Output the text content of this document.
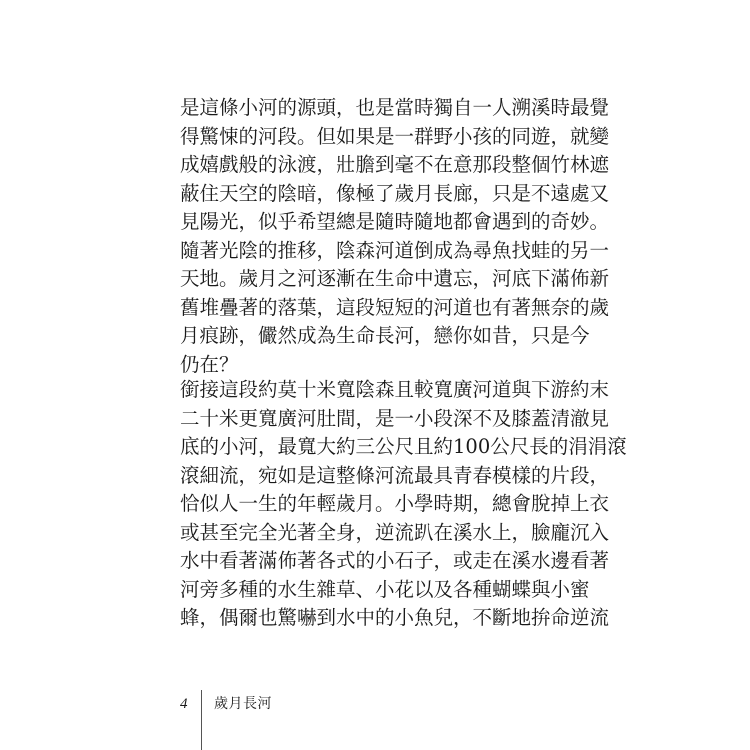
是這條小河的源頭，也是當時獨自一人溯溪時最覺
得驚悚的河段。但如果是一群野小孩的同遊，就變
成嬉戲般的泳渡，壯膽到毫不在意那段整個竹林遮
蔽住天空的陰暗，像極了歲月長廊，只是不遠處又
見陽光，似乎希望總是隨時隨地都會遇到的奇妙。
隨著光陰的推移，陰森河道倒成為尋魚找蛙的另一
天地。歲月之河逐漸在生命中遺忘，河底下滿佈新
舊堆疊著的落葉，這段短短的河道也有著無奈的歲
月痕跡，儼然成為生命長河，戀你如昔，只是今
仍在？
銜接這段約莫十米寬陰森且較寬廣河道與下游約末
二十米更寬廣河肚間，是一小段深不及膝蓋清澈見
底的小河，最寬大約三公尺且約100公尺長的涓涓滾
滾細流，宛如是這整條河流最具青春模樣的片段，
恰似人一生的年輕歲月。小學時期，總會脫掉上衣
或甚至完全光著全身，逆流趴在溪水上，臉龐沉入
水中看著滿佈著各式的小石子，或走在溪水邊看著
河旁多種的水生雜草、小花以及各種蝴蝶與小蜜
蜂，偶爾也驚嚇到水中的小魚兒，不斷地拚命逆流
4 歲月長河
